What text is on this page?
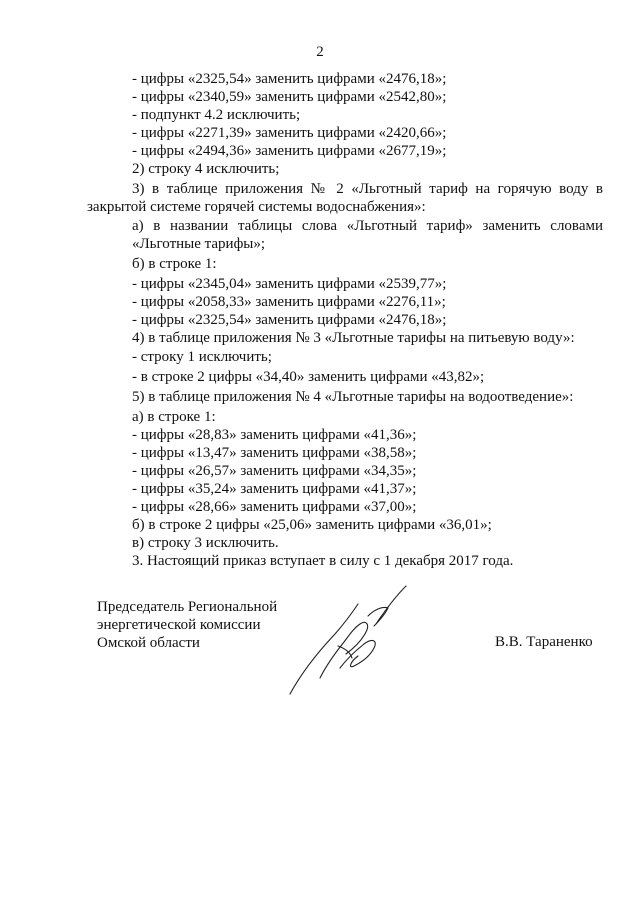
2
- цифры «2325,54» заменить цифрами «2476,18»;
- цифры «2340,59» заменить цифрами «2542,80»;
- подпункт 4.2 исключить;
- цифры «2271,39» заменить цифрами «2420,66»;
- цифры «2494,36» заменить цифрами «2677,19»;
2) строку 4 исключить;
3) в таблице приложения № 2 «Льготный тариф на горячую воду в
закрытой системе горячей системы водоснабжения»:
а) в названии таблицы слова «Льготный тариф» заменить словами
«Льготные тарифы»;
б) в строке 1:
- цифры «2345,04» заменить цифрами «2539,77»;
- цифры «2058,33» заменить цифрами «2276,11»;
- цифры «2325,54» заменить цифрами «2476,18»;
4) в таблице приложения № 3 «Льготные тарифы на питьевую воду»:
- строку 1 исключить;
- в строке 2 цифры «34,40» заменить цифрами «43,82»;
5) в таблице приложения № 4 «Льготные тарифы на водоотведение»:
а) в строке 1:
- цифры «28,83» заменить цифрами «41,36»;
- цифры «13,47» заменить цифрами «38,58»;
- цифры «26,57» заменить цифрами «34,35»;
- цифры «35,24» заменить цифрами «41,37»;
- цифры «28,66» заменить цифрами «37,00»;
б) в строке 2 цифры «25,06» заменить цифрами «36,01»;
в) строку 3 исключить.
3. Настоящий приказ вступает в силу с 1 декабря 2017 года.
Председатель Региональной
энергетической комиссии
Омской области	В.В. Тараненко
